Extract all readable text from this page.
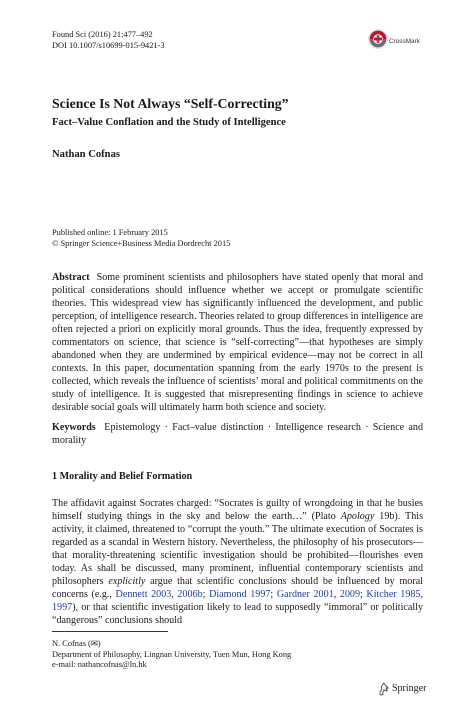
Found Sci (2016) 21:477–492
DOI 10.1007/s10699-015-9421-3	CrossMark
Science Is Not Always “Self-Correcting”
Fact–Value Conflation and the Study of Intelligence
Nathan Cofnas
Published online: 1 February 2015
© Springer Science+Business Media Dordrecht 2015
Abstract Some prominent scientists and philosophers have stated openly that moral and political considerations should influence whether we accept or promulgate scientific theories. This widespread view has significantly influenced the development, and public perception, of intelligence research. Theories related to group differences in intelligence are often rejected a priori on explicitly moral grounds. Thus the idea, frequently expressed by commentators on science, that science is “self-correcting”—that hypotheses are simply abandoned when they are undermined by empirical evidence—may not be correct in all contexts. In this paper, documentation spanning from the early 1970s to the present is collected, which reveals the influence of scientists’ moral and political commitments on the study of intelligence. It is suggested that misrepresenting findings in science to achieve desirable social goals will ultimately harm both science and society.
Keywords Epistemology · Fact–value distinction · Intelligence research · Science and morality
1 Morality and Belief Formation
The affidavit against Socrates charged: “Socrates is guilty of wrongdoing in that he busies himself studying things in the sky and below the earth…” (Plato Apology 19b). This activity, it claimed, threatened to “corrupt the youth.” The ultimate execution of Socrates is regarded as a scandal in Western history. Nevertheless, the philosophy of his prosecutors—that morality-threatening scientific investigation should be prohibited—flourishes even today. As shall be discussed, many prominent, influential contemporary scientists and philosophers explicitly argue that scientific conclusions should be influenced by moral concerns (e.g., Dennett 2003, 2006b; Diamond 1997; Gardner 2001, 2009; Kitcher 1985, 1997), or that scientific investigation likely to lead to supposedly “immoral” or politically “dangerous” conclusions should
N. Cofnas (✉)
Department of Philosophy, Lingnan University, Tuen Mun, Hong Kong
e-mail: nathancofnas@ln.hk
Springer
